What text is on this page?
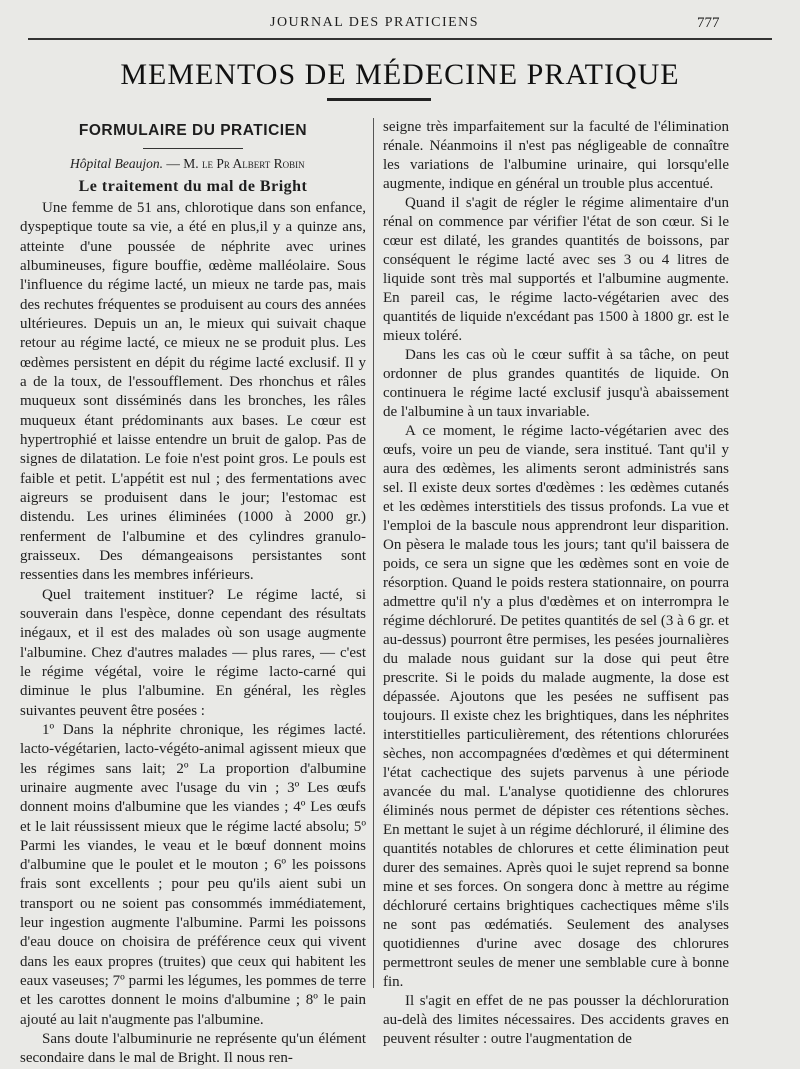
JOURNAL DES PRATICIENS	777
MEMENTOS DE MÉDECINE PRATIQUE
FORMULAIRE DU PRATICIEN

Hôpital Beaujon. — M. le Pr Albert Robin

Le traitement du mal de Bright

Une femme de 51 ans, chlorotique dans son enfance, dyspeptique toute sa vie, a été en plus,il y a quinze ans, atteinte d'une poussée de néphrite avec urines albumineuses, figure bouffie, œdème malléolaire. Sous l'influence du régime lacté, un mieux ne tarde pas, mais des rechutes fréquentes se produisent au cours des années ultérieures. Depuis un an, le mieux qui suivait chaque retour au régime lacté, ce mieux ne se produit plus. Les œdèmes persistent en dépit du régime lacté exclusif. Il y a de la toux, de l'essoufflement. Des rhonchus et râles muqueux sont disséminés dans les bronches, les râles muqueux étant prédominants aux bases. Le cœur est hypertrophié et laisse entendre un bruit de galop. Pas de signes de dilatation. Le foie n'est point gros. Le pouls est faible et petit. L'appétit est nul ; des fermentations avec aigreurs se produisent dans le jour; l'estomac est distendu. Les urines éliminées (1000 à 2000 gr.) renferment de l'albumine et des cylindres granulo-graisseux. Des démangeaisons persistantes sont ressenties dans les membres inférieurs.

Quel traitement instituer? Le régime lacté, si souverain dans l'espèce, donne cependant des résultats inégaux, et il est des malades où son usage augmente l'albumine. Chez d'autres malades — plus rares, — c'est le régime végétal, voire le régime lacto-carné qui diminue le plus l'albumine. En général, les règles suivantes peuvent être posées :

1º Dans la néphrite chronique, les régimes lacté. lacto-végétarien, lacto-végéto-animal agissent mieux que les régimes sans lait; 2º La proportion d'albumine urinaire augmente avec l'usage du vin ; 3º Les œufs donnent moins d'albumine que les viandes ; 4º Les œufs et le lait réussissent mieux que le régime lacté absolu; 5º Parmi les viandes, le veau et le bœuf donnent moins d'albumine que le poulet et le mouton ; 6º les poissons frais sont excellents ; pour peu qu'ils aient subi un transport ou ne soient pas consommés immédiatement, leur ingestion augmente l'albumine. Parmi les poissons d'eau douce on choisira de préférence ceux qui vivent dans les eaux propres (truites) que ceux qui habitent les eaux vaseuses; 7º parmi les légumes, les pommes de terre et les carottes donnent le moins d'albumine ; 8º le pain ajouté au lait n'augmente pas l'albumine.

Sans doute l'albuminurie ne représente qu'un élément secondaire dans le mal de Bright. Il nous ren-

seigne très imparfaitement sur la faculté de l'élimination rénale. Néanmoins il n'est pas négligeable de connaître les variations de l'albumine urinaire, qui lorsqu'elle augmente, indique en général un trouble plus accentué.

Quand il s'agit de régler le régime alimentaire d'un rénal on commence par vérifier l'état de son cœur. Si le cœur est dilaté, les grandes quantités de boissons, par conséquent le régime lacté avec ses 3 ou 4 litres de liquide sont très mal supportés et l'albumine augmente. En pareil cas, le régime lacto-végétarien avec des quantités de liquide n'excédant pas 1500 à 1800 gr. est le mieux toléré.

Dans les cas où le cœur suffit à sa tâche, on peut ordonner de plus grandes quantités de liquide. On continuera le régime lacté exclusif jusqu'à abaissement de l'albumine à un taux invariable.

A ce moment, le régime lacto-végétarien avec des œufs, voire un peu de viande, sera institué. Tant qu'il y aura des œdèmes, les aliments seront administrés sans sel. Il existe deux sortes d'œdèmes : les œdèmes cutanés et les œdèmes interstitiels des tissus profonds. La vue et l'emploi de la bascule nous apprendront leur disparition. On pèsera le malade tous les jours; tant qu'il baissera de poids, ce sera un signe que les œdèmes sont en voie de résorption. Quand le poids restera stationnaire, on pourra admettre qu'il n'y a plus d'œdèmes et on interrompra le régime déchloruré. De petites quantités de sel (3 à 6 gr. et au-dessus) pourront être permises, les pesées journalières du malade nous guidant sur la dose qui peut être prescrite. Si le poids du malade augmente, la dose est dépassée. Ajoutons que les pesées ne suffisent pas toujours. Il existe chez les brightiques, dans les néphrites interstitielles particulièrement, des rétentions chlorurées sèches, non accompagnées d'œdèmes et qui déterminent l'état cachectique des sujets parvenus à une période avancée du mal. L'analyse quotidienne des chlorures éliminés nous permet de dépister ces rétentions sèches. En mettant le sujet à un régime déchloruré, il élimine des quantités notables de chlorures et cette élimination peut durer des semaines. Après quoi le sujet reprend sa bonne mine et ses forces. On songera donc à mettre au régime déchloruré certains brightiques cachectiques même s'ils ne sont pas œdématiés. Seulement des analyses quotidiennes d'urine avec dosage des chlorures permettront seules de mener une semblable cure à bonne fin.

Il s'agit en effet de ne pas pousser la déchloruration au-delà des limites nécessaires. Des accidents graves en peuvent résulter : outre l'augmentation de
